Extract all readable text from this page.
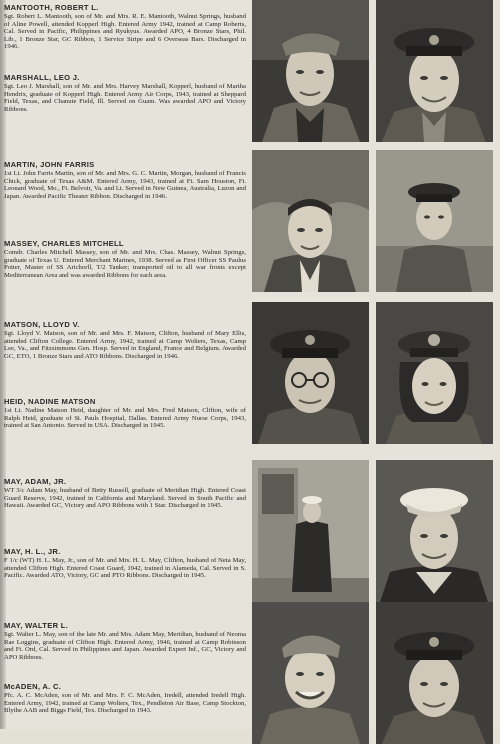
MANTOOTH, ROBERT L.
Sgt. Robert L. Mantooth, son of Mr. and Mrs. R. E. Mantooth, Walnut Springs, husband of Aline Powell, attended Kopperl High. Entered Army 1942, trained at Camp Roberts, Cal. Served in Pacific, Philippines and Ryukyus. Awarded APO, 4 Bronze Stars, Phil. Lib., 1 Bronze Star, GC Ribbon, 1 Service Stripe and 6 Overseas Bars. Discharged in 1946.
MARSHALL, LEO J.
Sgt. Leo J. Marshall, son of Mr. and Mrs. Harvey Marshall, Kopperl, husband of Martha Hendrix, graduate of Kopperl High. Entered Army Air Corps, 1943, trained at Sheppard Field, Texas, and Chanute Field, Ill. Served on Guam. Was awarded APO and Victory Ribbons.
MARTIN, JOHN FARRIS
1st Lt. John Farris Martin, son of Mr. and Mrs. G. C. Martin, Morgan, husband of Francis Chick, graduate of Texas A&M. Entered Army, 1943, trained at Ft. Sam Houston, Ft. Leonard Wood, Mo., Ft. Belvoir, Va. and Lt. Served in New Guinea, Australia, Luzon and Japan. Awarded Pacific Theater Ribbon. Discharged in 1946.
MASSEY, CHARLES MITCHELL
Comdr. Charles Mitchell Massey, son of Mr. and Mrs. Chas. Massey, Walnut Springs, graduate of Texas U. Entered Merchant Marines, 1938. Served as First Officer SS Paulus Potter, Master of SS Arichorll, T/2 Tanker; transported oil to all war fronts except Mediterranean Area and was awarded Ribbons for each area.
MATSON, LLOYD V.
Sgt. Lloyd V. Matson, son of Mr. and Mrs. F. Matson, Clifton, husband of Mary Ellis, attended Clifton College. Entered Army, 1942, trained at Camp Wolters, Texas, Camp Lee, Va., and Fitzsimmons Gen. Hosp. Served in England, France and Belgium. Awarded GC, ETO, 1 Bronze Stars and ATO Ribbons. Discharged in 1946.
HEID, NADINE MATSON
1st Lt. Nadine Matson Heid, daughter of Mr. and Mrs. Fred Matson, Clifton, wife of Ralph Heid, graduate of St. Pauls Hospital, Dallas. Entered Army Nurse Corps, 1943, trained at San Antonio. Served in USA. Discharged in 1945.
MAY, ADAM, JR.
WT 3/c Adam May, husband of Betty Russell, graduate of Meridian High. Entered Coast Guard Reserve, 1942, trained in California and Maryland. Served in South Pacific and Hawaii. Awarded GC, Victory and APO Ribbons with 1 Star. Discharged in 1945.
MAY, H. L., JR.
F 1/c (WT) H. L. May, Jr., son of Mr. and Mrs. H. L. May, Clifton, husband of Neta May, attended Clifton High. Entered Coast Guard, 1942, trained in Alameda, Cal. Served in S. Pacific. Awarded ATO, Victory, GC and PTO Ribbons. Discharged in 1945.
MAY, WALTER L.
Sgt. Walter L. May, son of the late Mr. and Mrs. Adam May, Meridian, husband of Neoma Rae Loggins, graduate of Clifton High. Entered Army, 1946, trained at Camp Robinson and Ft. Ord, Cal. Served in Philippines and Japan. Awarded Expert Inf., GC, Victory and APO Ribbons.
McADEN, A. C.
Pfc. A. C. McAden, son of Mr. and Mrs. F. C. McAden, Iredell, attended Iredell High. Entered Army, 1942, trained at Camp Wolters, Tex., Pendleton Air Base, Camp Stockton, Blythe AAB and Biggs Field, Tex. Discharged in 1943.
